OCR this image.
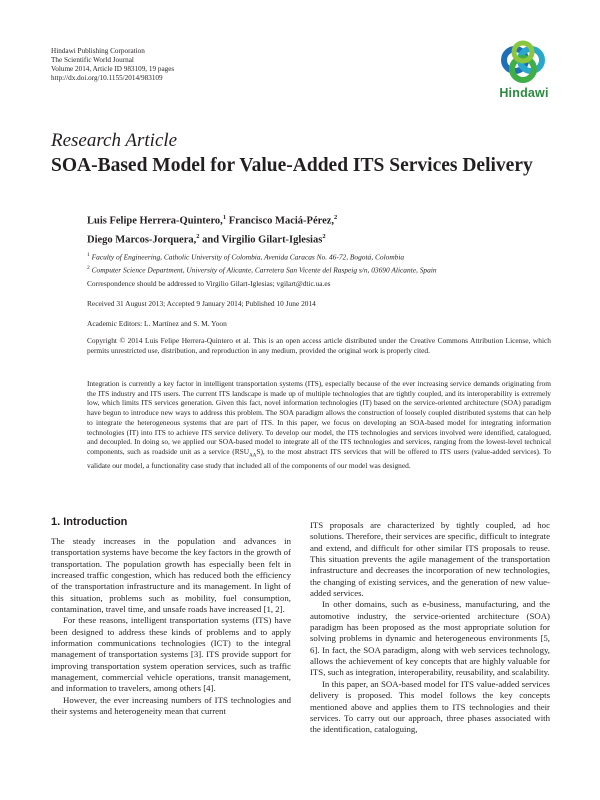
Hindawi Publishing Corporation
The Scientific World Journal
Volume 2014, Article ID 983109, 19 pages
http://dx.doi.org/10.1155/2014/983109
Hindawi
Research Article
SOA-Based Model for Value-Added ITS Services Delivery
Luis Felipe Herrera-Quintero,$^1$ Francisco Maciá-Pérez,$^2$
Diego Marcos-Jorquera,$^2$ and Virgilio Gilart-Iglesias$^2$
$^1$ Faculty of Engineering, Catholic University of Colombia, Avenida Caracas No. 46-72, Bogotá, Colombia
$^2$ Computer Science Department, University of Alicante, Carretera San Vicente del Raspeig s/n, 03690 Alicante, Spain
Correspondence should be addressed to Virgilio Gilart-Iglesias; vgilart@dtic.ua.es
Received 31 August 2013; Accepted 9 January 2014; Published 10 June 2014
Academic Editors: L. Martínez and S. M. Yoon
Copyright © 2014 Luis Felipe Herrera-Quintero et al. This is an open access article distributed under the Creative Commons Attribution License, which permits unrestricted use, distribution, and reproduction in any medium, provided the original work is properly cited.
Integration is currently a key factor in intelligent transportation systems (ITS), especially because of the ever increasing service demands originating from the ITS industry and ITS users. The current ITS landscape is made up of multiple technologies that are tightly coupled, and its interoperability is extremely low, which limits ITS services generation. Given this fact, novel information technologies (IT) based on the service-oriented architecture (SOA) paradigm have begun to introduce new ways to address this problem. The SOA paradigm allows the construction of loosely coupled distributed systems that can help to integrate the heterogeneous systems that are part of ITS. In this paper, we focus on developing an SOA-based model for integrating information technologies (IT) into ITS to achieve ITS service delivery. To develop our model, the ITS technologies and services involved were identified, catalogued, and decoupled. In doing so, we applied our SOA-based model to integrate all of the ITS technologies and services, ranging from the lowest-level technical components, such as roadside unit as a service $(RSU_{AA}S)$, to the most abstract ITS services that will be offered to ITS users (value-added services). To validate our model, a functionality case study that included all of the components of our model was designed.
1. Introduction

The steady increases in the population and advances in transportation systems have become the key factors in the growth of transportation. The population growth has especially been felt in increased traffic congestion, which has reduced both the efficiency of the transportation infrastructure and its management. In light of this situation, problems such as mobility, fuel consumption, contamination, travel time, and unsafe roads have increased [1, 2].

For these reasons, intelligent transportation systems (ITS) have been designed to address these kinds of problems and to apply information communications technologies (ICT) to the integral management of transportation systems [3]. ITS provide support for improving transportation system operation services, such as traffic management, commercial vehicle operations, transit management, and information to travelers, among others [4].

However, the ever increasing numbers of ITS technologies and their systems and heterogeneity mean that current

ITS proposals are characterized by tightly coupled, ad hoc solutions. Therefore, their services are specific, difficult to integrate and extend, and difficult for other similar ITS proposals to reuse. This situation prevents the agile management of the transportation infrastructure and decreases the incorporation of new technologies, the changing of existing services, and the generation of new value-added services.

In other domains, such as e-business, manufacturing, and the automotive industry, the service-oriented architecture (SOA) paradigm has been proposed as the most appropriate solution for solving problems in dynamic and heterogeneous environments [5, 6]. In fact, the SOA paradigm, along with web services technology, allows the achievement of key concepts that are highly valuable for ITS, such as integration, interoperability, reusability, and scalability.

In this paper, an SOA-based model for ITS value-added services delivery is proposed. This model follows the key concepts mentioned above and applies them to ITS technologies and their services. To carry out our approach, three phases associated with the identification, cataloguing,
